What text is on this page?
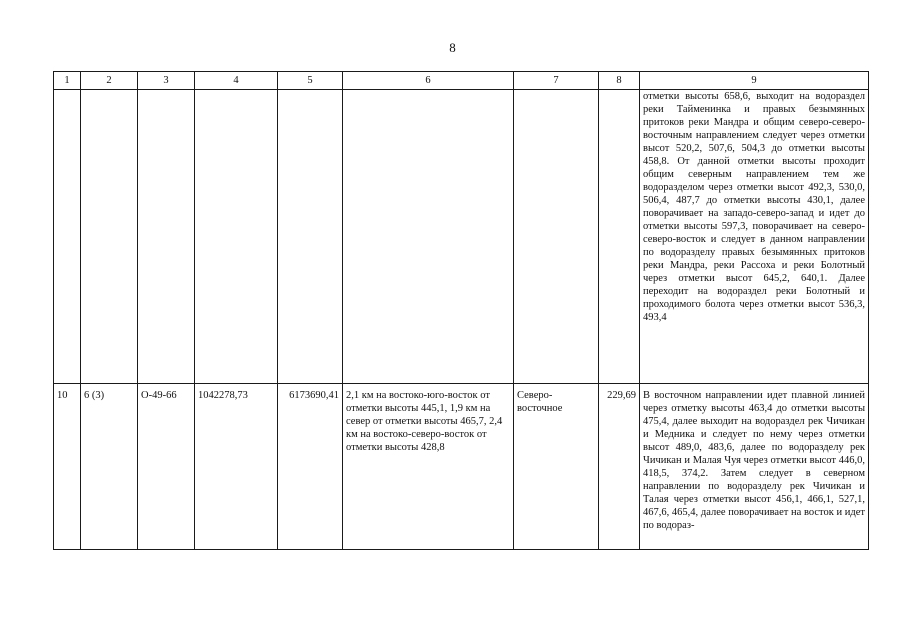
8
1	2	3	4	5	6	7	8	9
								отметки высоты 658,6, выходит на водораздел реки Тайменинка и правых безымянных притоков реки Мандра и общим северо-северо-восточным направлением следует через отметки высот 520,2, 507,6, 504,3 до отметки высоты 458,8. От данной отметки высоты проходит общим северным направлением тем же водоразделом через отметки высот 492,3, 530,0, 506,4, 487,7 до отметки высоты 430,1, далее поворачивает на западо-северо-запад и идет до отметки высоты 597,3, поворачивает на северо-северо-восток и следует в данном направлении по водоразделу правых безымянных притоков реки Мандра, реки Рассоха и реки Болотный через отметки высот 645,2, 640,1. Далее переходит на водораздел реки Болотный и проходимого болота через отметки высот 536,3, 493,4
10	6 (3)	О-49-66	1042278,73	6173690,41	2,1 км на востоко-юго-восток от отметки высоты 445,1, 1,9 км на север от отметки высоты 465,7, 2,4 км на востоко-северо-восток от отметки высоты 428,8	Северо-восточное	229,69	В восточном направлении идет плавной линией через отметку высоты 463,4 до отметки высоты 475,4, далее выходит на водораздел рек Чичикан и Медника и следует по нему через отметки высот 489,0, 483,6, далее по водоразделу рек Чичикан и Малая Чуя через отметки высот 446,0, 418,5, 374,2. Затем следует в северном направлении по водоразделу рек Чичикан и Талая через отметки высот 456,1, 466,1, 527,1, 467,6, 465,4, далее поворачивает на восток и идет по водораз-
